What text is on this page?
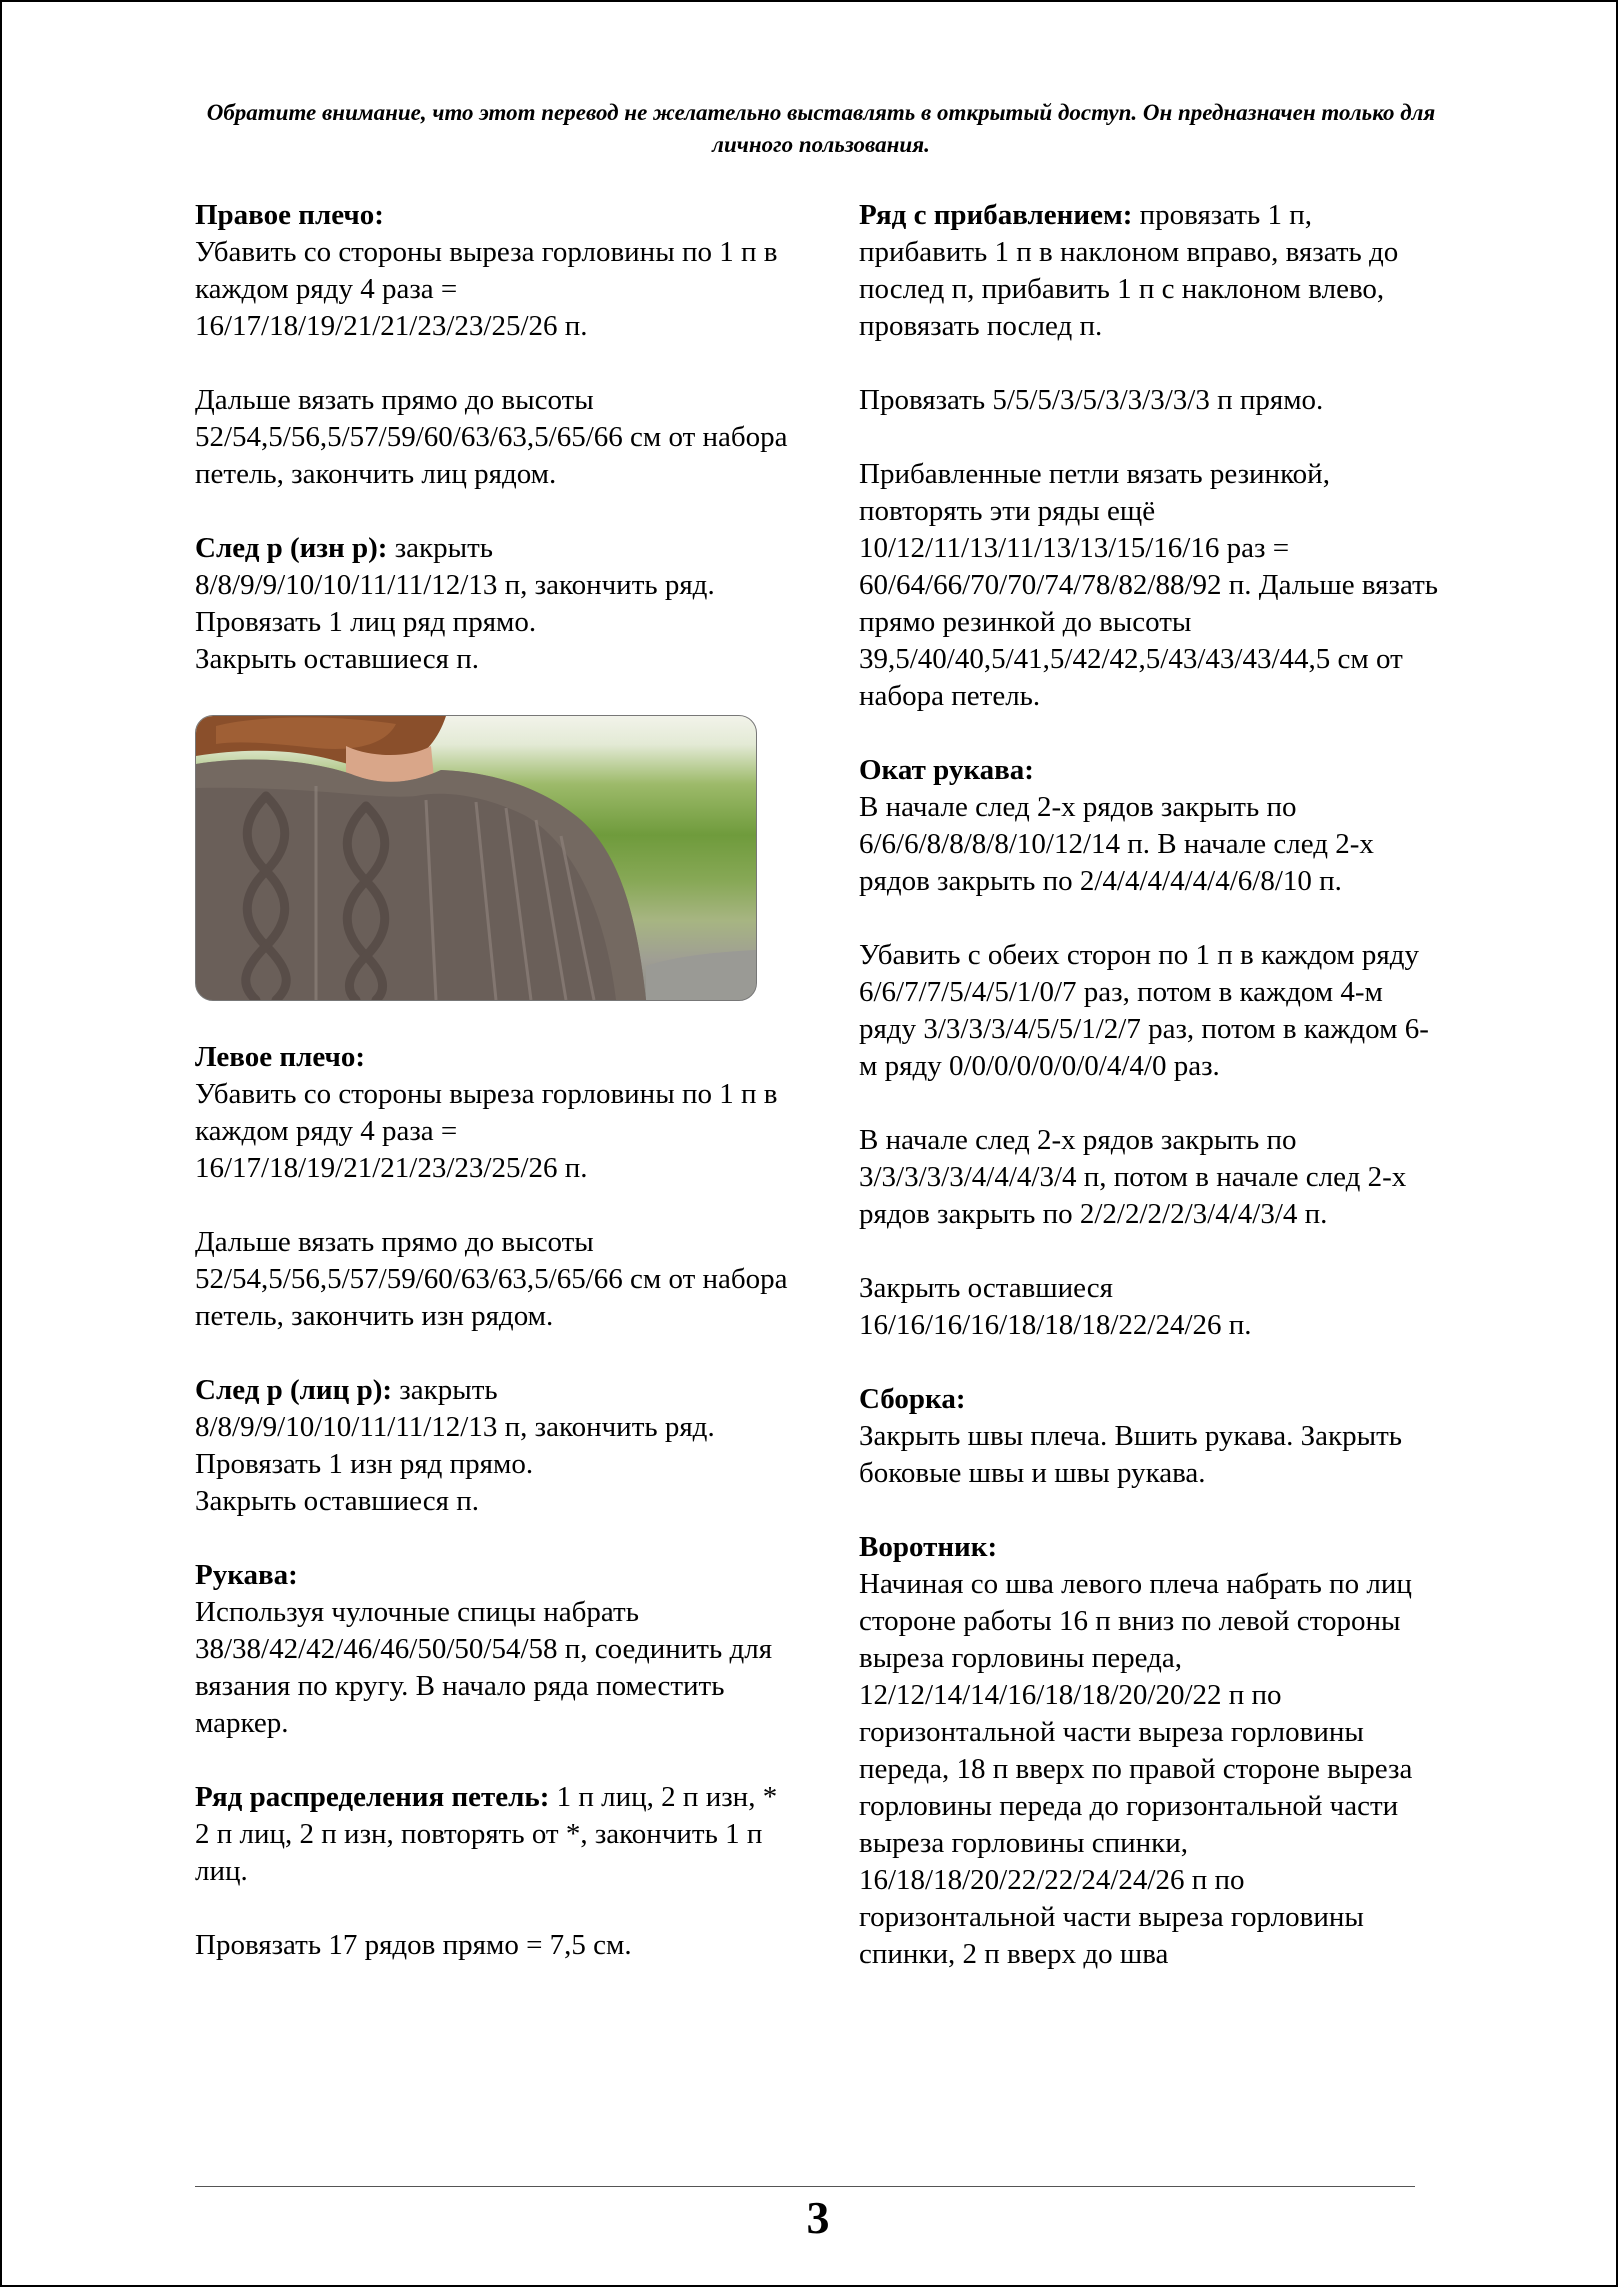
Обратите внимание, что этот перевод не желательно выставлять в открытый доступ. Он предназначен только для личного пользования.

Правое плечо:
Убавить со стороны выреза горловины по 1 п в каждом ряду 4 раза = 16/17/18/19/21/21/23/23/25/26 п.

Дальше вязать прямо до высоты 52/54,5/56,5/57/59/60/63/63,5/65/66 см от набора петель, закончить лиц рядом.

След р (изн р): закрыть 8/8/9/9/10/10/11/11/12/13 п, закончить ряд.
Провязать 1 лиц ряд прямо.
Закрыть оставшиеся п.

Левое плечо:
Убавить со стороны выреза горловины по 1 п в каждом ряду 4 раза = 16/17/18/19/21/21/23/23/25/26 п.

Дальше вязать прямо до высоты 52/54,5/56,5/57/59/60/63/63,5/65/66 см от набора петель, закончить изн рядом.

След р (лиц р): закрыть 8/8/9/9/10/10/11/11/12/13 п, закончить ряд.
Провязать 1 изн ряд прямо.
Закрыть оставшиеся п.

Рукава:
Используя чулочные спицы набрать 38/38/42/42/46/46/50/50/54/58 п, соединить для вязания по кругу. В начало ряда поместить маркер.

Ряд распределения петель: 1 п лиц, 2 п изн, * 2 п лиц, 2 п изн, повторять от *, закончить 1 п лиц.

Провязать 17 рядов прямо = 7,5 см.

Ряд с прибавлением: провязать 1 п, прибавить 1 п в наклоном вправо, вязать до послед п, прибавить 1 п с наклоном влево, провязать послед п.

Провязать 5/5/5/3/5/3/3/3/3/3 п прямо.

Прибавленные петли вязать резинкой, повторять эти ряды ещё 10/12/11/13/11/13/13/15/16/16 раз = 60/64/66/70/70/74/78/82/88/92 п. Дальше вязать прямо резинкой до высоты 39,5/40/40,5/41,5/42/42,5/43/43/43/44,5 см от набора петель.

Окат рукава:
В начале след 2-х рядов закрыть по 6/6/6/8/8/8/8/10/12/14 п. В начале след 2-х рядов закрыть по 2/4/4/4/4/4/4/6/8/10 п.

Убавить с обеих сторон по 1 п в каждом ряду 6/6/7/7/5/4/5/1/0/7 раз, потом в каждом 4-м ряду 3/3/3/3/4/5/5/1/2/7 раз, потом в каждом 6-м ряду 0/0/0/0/0/0/0/4/4/0 раз.

В начале след 2-х рядов закрыть по 3/3/3/3/3/4/4/4/3/4 п, потом в начале след 2-х рядов закрыть по 2/2/2/2/2/3/4/4/3/4 п.

Закрыть оставшиеся 16/16/16/16/18/18/18/22/24/26 п.

Сборка:
Закрыть швы плеча. Вшить рукава. Закрыть боковые швы и швы рукава.

Воротник:
Начиная со шва левого плеча набрать по лиц стороне работы 16 п вниз по левой стороны выреза горловины переда, 12/12/14/14/16/18/18/20/20/22 п по горизонтальной части выреза горловины переда, 18 п вверх по правой стороне выреза горловины переда до горизонтальной части выреза горловины спинки, 16/18/18/20/22/22/24/24/26 п по горизонтальной части выреза горловины спинки, 2 п вверх до шва

3
